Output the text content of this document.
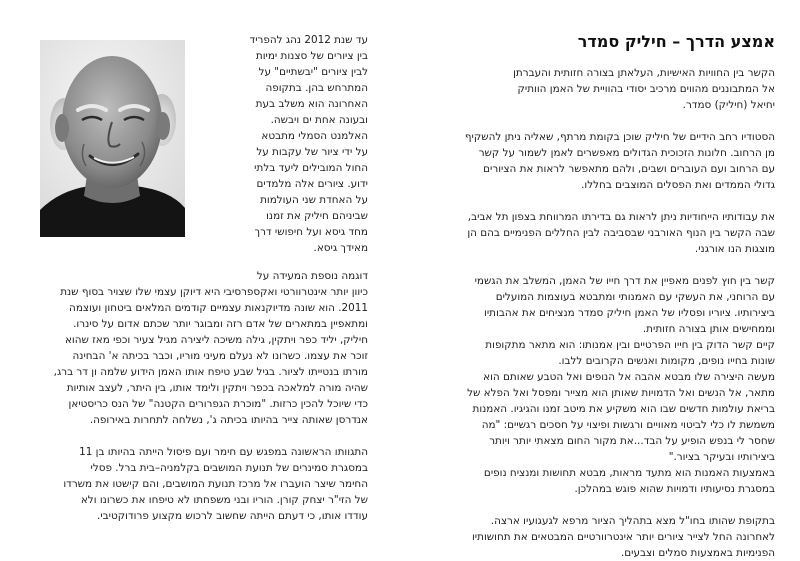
אמצע הדרך – חיליק סמדר

הקשר בין החוויות האישיות, העלאתן בצורה חזותית והעברתן
אל המתבוננים מהווים מרכיב יסודי בהוויית של האמן הוותיק
יחיאל (חיליק) סמדר.

הסטודיו רחב הידיים של חיליק שוכן בקומת מרתף, שאליה ניתן להשקיף
מן הרחוב. חלונות הזכוכית הגדולים מאפשרים לאמן לשמור על קשר
עם הרחוב ועם העוברים ושבים, ולהם מתאפשר לראות את הציורים
גדולי הממדים ואת הפסלים המוצבים בחללו.

את עבודותיו הייחודיות ניתן לראות גם בדירתו המרווחת בצפון תל אביב,
שבה הקשר בין הנוף האורבני שבסביבה לבין החללים הפנימיים בהם הן
מוצגות הנו אורגני.

קשר בין חוץ לפנים מאפיין את דרך חייו של האמן, המשלב את הגשמי
עם הרוחני, את העשקי עם האמנותי ומתבטא בעוצמות המועלים
ביצירותיו. ציוריו ופסליו של האמן חיליק סמדר מנציחים את אהבותיו
וממחישים אותן בצורה חזותית.

קיים קשר הדוק בין חייו הפרטיים ובין אמנותו: הוא מתאר מתקופות
שונות בחייו נופים, מקומות ואנשים הקרובים ללבו.

מעשה היצירה שלו מבטא אהבה אל הנופים ואל הטבע שאותם הוא
מתאר, אל הנשים ואל הדמויות שאותן הוא מצייר ומפסל ואל הפלא של
בריאת עולמות חדשים שבו הוא משקיע את מיטב זמנו והגיגיו. האמנות
משמשת לו כלי לביטוי מאוויים ורגשות ופיצוי על חסכים רגשיים: "מה
שחסר לי בנפש הופיע על הבד...את מקור החום מצאתי יותר ויותר
ביצירותיו ובעיקר בציור."

באמצעות האמנות הוא מתעד מראות, מבטא תחושות ומנציח נופים
במסגרת נסיעותיו ודמויות שהוא פוגש במהלכן.

בתקופת שהותו בחו"ל מצא בתהליך הציור מרפא לגעגועיו ארצה.
לאחרונה החל לצייר ציורים יותר אינטרוורטיים המבטאים את תחושותיו
הפנימיות באמצעות סמלים וצבעים.

עד שנת 2012 נהג להפריד
בין ציורים של סצנות ימיות
לבין ציורים "יבשתיים" על
המתרחש בהן. בתקופה
האחרונה הוא משלב בעת
ובעונה אחת ים ויבשה.
האלמנט הסמלי מתבטא
על ידי ציור של עקבות על
החול המובילים ליעד בלתי
ידוע. ציורים אלה מלמדים
על האחדת שני העולמות
שביניהם חיליק את זמנו
מחד גיסא ועל חיפושי דרך
מאידך גיסא.

דוגמה נוספת המעידה על
כיוון יותר אינטרוורטי ואקספרסיבי היא דיוקן עצמי שלו שצויר בסוף שנת
2011. הוא שונה מדיוקנאות עצמיים קודמים המלאים ביטחון ועוצמה
ומתאפיין במתארים של אדם רזה ומבוגר יותר שכתם אדום על סינרו.

חיליק, יליד כפר ויתקין, גילה משיכה ליצירה מגיל צעיר וכפי מאז שהוא
זוכר את עצמו. כשרונו לא נעלם מעיני מוריו, וכבר בכיתה א' הבחינה
מורתו בנטייתו לציור. בגיל שבע טיפח אותו האמן הידוע שלמה ון דר ברג,
שהיה מורה למלאכה בכפר ויתקין ולימד אותו, בין היתר, לעצב אותיות
כדי שיוכל להכין כרזות. "מוכרת הגפרורים הקטנה" של הנס כריסטיאן
אנדרסן שאותה צייר בהיותו בכיתה ג', נשלחה לתחרות באירופה.

התגוותו הראשונה במפגש עם חימר ועם פיסול הייתה בהיותו בן 11
במסגרת סמינרים של תנועת המושבים בקלמניה–בית ברל. פסלי
החימר שיצר הועברו אל מרכז תנועת המושבים, והם קישטו את משרדו
של הזי"ר יצחק קורן. הוריו ובני משפחתו לא טיפחו את כשרונו ולא
עודדו אותו, כי דעתם הייתה שחשוב לרכוש מקצוע פרודוקטיבי.
